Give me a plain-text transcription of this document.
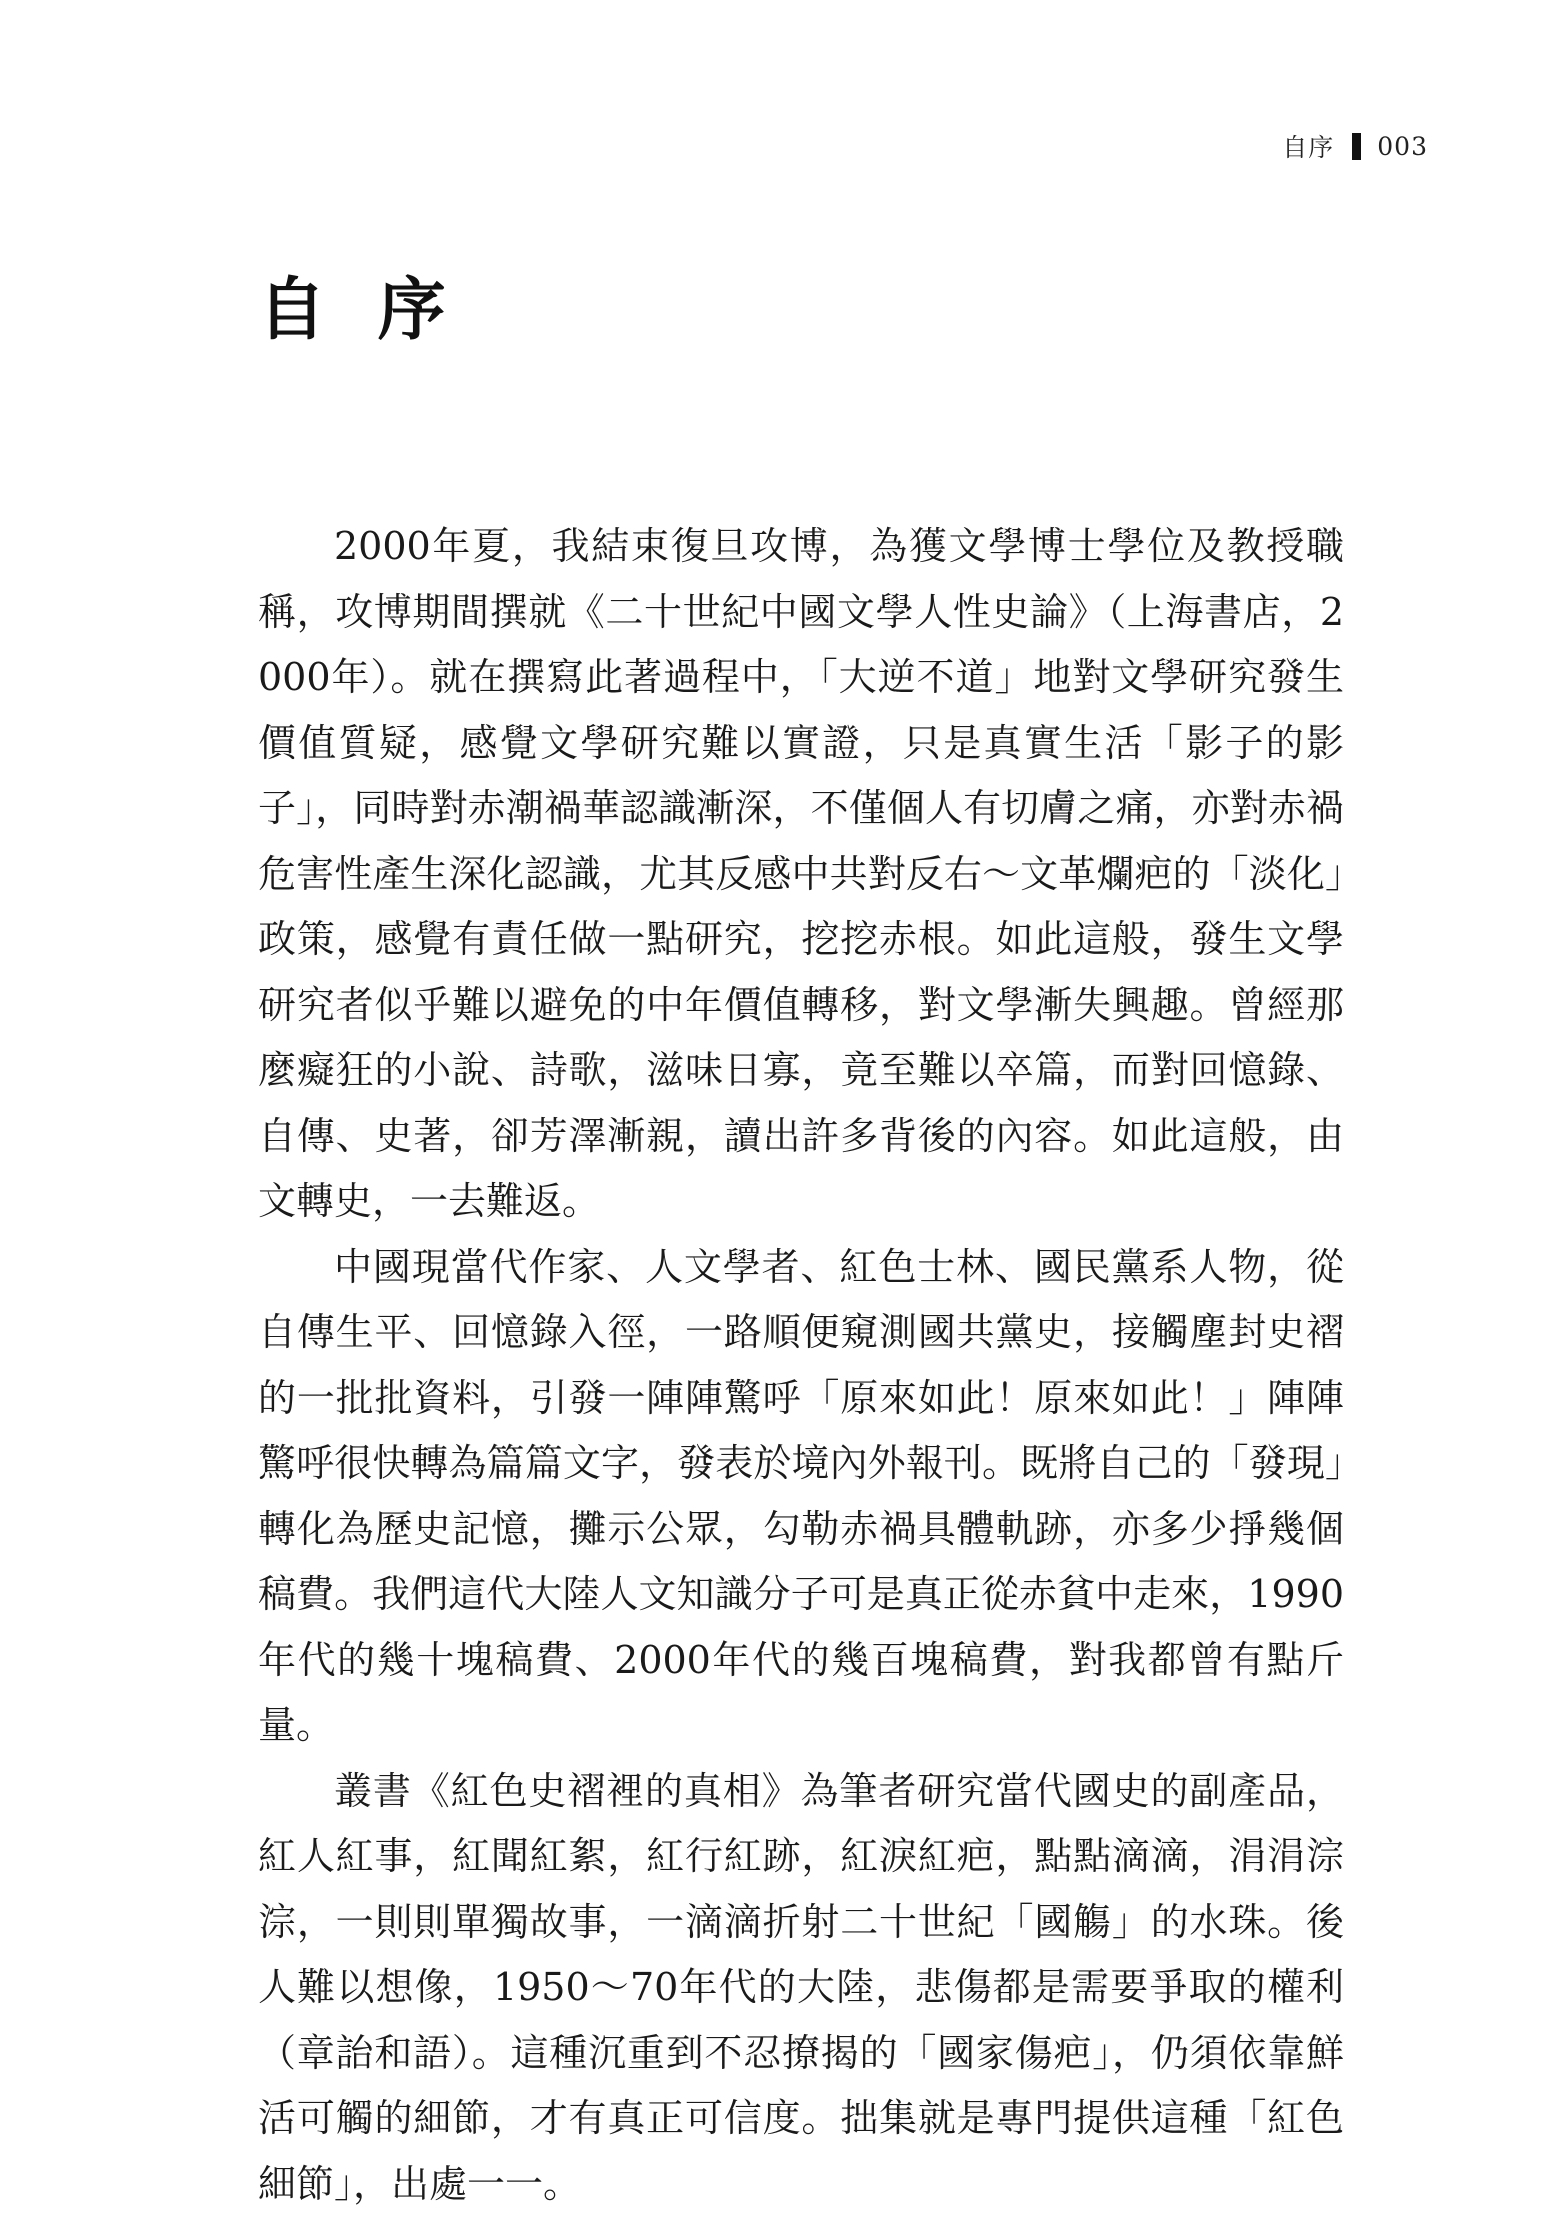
自序 003
自 序

2000年夏，我結束復旦攻博，為獲文學博士學位及教授職稱，攻博期間撰就《二十世紀中國文學人性史論》（上海書店，2000年）。就在撰寫此著過程中，「大逆不道」地對文學研究發生價值質疑，感覺文學研究難以實證，只是真實生活「影子的影子」，同時對赤潮禍華認識漸深，不僅個人有切膚之痛，亦對赤禍危害性產生深化認識，尤其反感中共對反右～文革爛疤的「淡化」政策，感覺有責任做一點研究，挖挖赤根。如此這般，發生文學研究者似乎難以避免的中年價值轉移，對文學漸失興趣。曾經那麼癡狂的小說、詩歌，滋味日寡，竟至難以卒篇，而對回憶錄、自傳、史著，卻芳澤漸親，讀出許多背後的內容。如此這般，由文轉史，一去難返。

中國現當代作家、人文學者、紅色士林、國民黨系人物，從自傳生平、回憶錄入徑，一路順便窺測國共黨史，接觸塵封史褶的一批批資料，引發一陣陣驚呼「原來如此！原來如此！」陣陣驚呼很快轉為篇篇文字，發表於境內外報刊。既將自己的「發現」轉化為歷史記憶，攤示公眾，勾勒赤禍具體軌跡，亦多少掙幾個稿費。我們這代大陸人文知識分子可是真正從赤貧中走來，1990年代的幾十塊稿費、2000年代的幾百塊稿費，對我都曾有點斤量。

叢書《紅色史褶裡的真相》為筆者研究當代國史的副產品，紅人紅事，紅聞紅絮，紅行紅跡，紅淚紅疤，點點滴滴，涓涓淙淙，一則則單獨故事，一滴滴折射二十世紀「國觴」的水珠。後人難以想像，1950～70年代的大陸，悲傷都是需要爭取的權利（章詒和語）。這種沉重到不忍撩揭的「國家傷疤」，仍須依靠鮮活可觸的細節，才有真正可信度。拙集就是專門提供這種「紅色細節」，出處一一。
